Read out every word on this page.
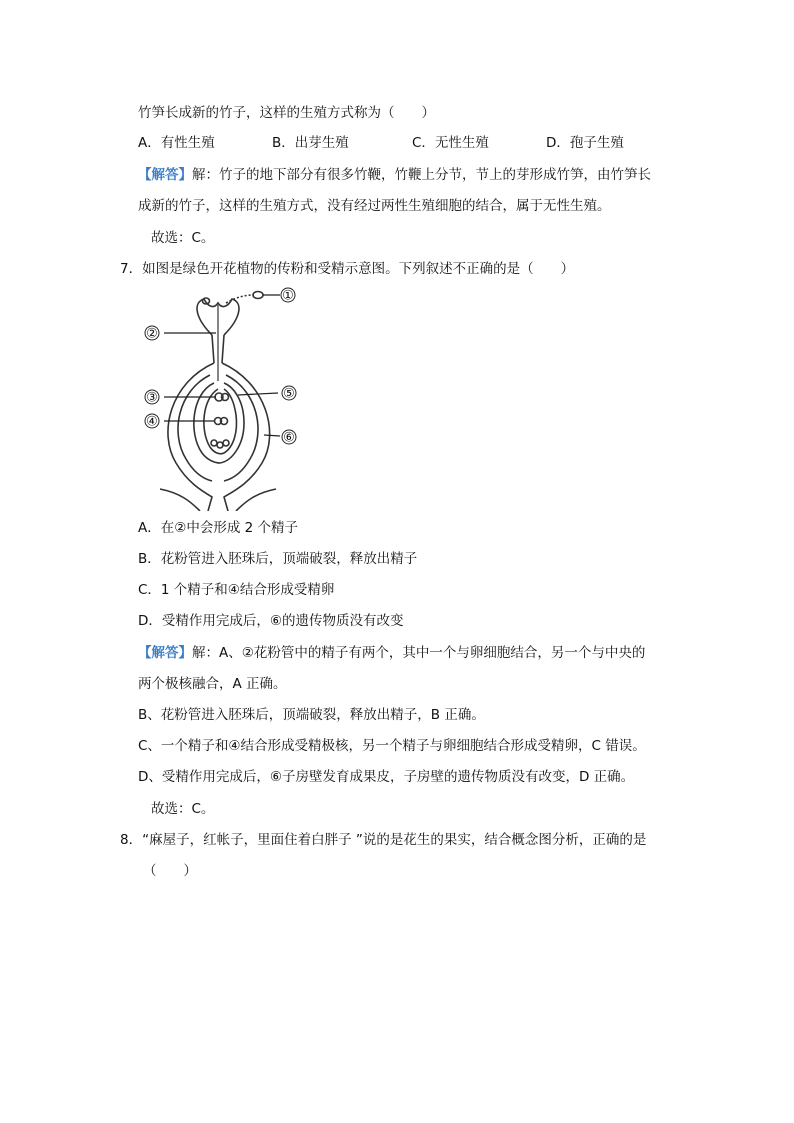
竹笋长成新的竹子，这样的生殖方式称为（　　）
A．有性生殖	B．出芽生殖	C．无性生殖	D．孢子生殖
【解答】解：竹子的地下部分有很多竹鞭，竹鞭上分节，节上的芽形成竹笋，由竹笋长
成新的竹子，这样的生殖方式，没有经过两性生殖细胞的结合，属于无性生殖。
故选：C。
7．如图是绿色开花植物的传粉和受精示意图。下列叙述不正确的是（　　）
①
②
③
④
⑤
⑥
A．在②中会形成 2 个精子
B．花粉管进入胚珠后，顶端破裂，释放出精子
C．1 个精子和④结合形成受精卵
D．受精作用完成后，⑥的遗传物质没有改变
【解答】解：A、②花粉管中的精子有两个，其中一个与卵细胞结合，另一个与中央的
两个极核融合，A 正确。
B、花粉管进入胚珠后，顶端破裂，释放出精子，B 正确。
C、一个精子和④结合形成受精极核，另一个精子与卵细胞结合形成受精卵，C 错误。
D、受精作用完成后，⑥子房壁发育成果皮，子房壁的遗传物质没有改变，D 正确。
故选：C。
8．“麻屋子，红帐子，里面住着白胖子 ”说的是花生的果实，结合概念图分析，正确的是
（　　）
